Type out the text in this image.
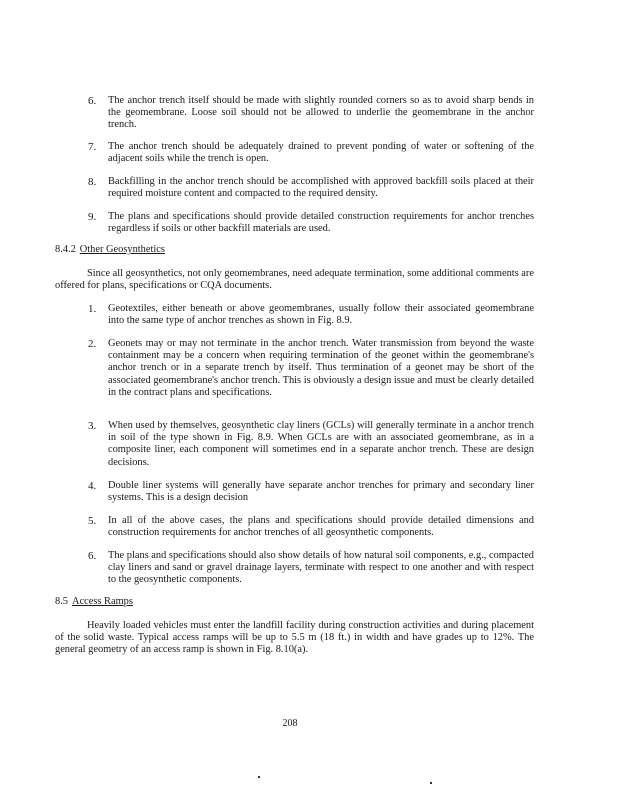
6.	The anchor trench itself should be made with slightly rounded corners so as to avoid sharp bends in the geomembrane. Loose soil should not be allowed to underlie the geomembrane in the anchor trench.
7.	The anchor trench should be adequately drained to prevent ponding of water or softening of the adjacent soils while the trench is open.
8.	Backfilling in the anchor trench should be accomplished with approved backfill soils placed at their required moisture content and compacted to the required density.
9.	The plans and specifications should provide detailed construction requirements for anchor trenches regardless if soils or other backfill materials are used.
8.4.2 Other Geosynthetics
Since all geosynthetics, not only geomembranes, need adequate termination, some additional comments are offered for plans, specifications or CQA documents.
1.	Geotextiles, either beneath or above geomembranes, usually follow their associated geomembrane into the same type of anchor trenches as shown in Fig. 8.9.
2.	Geonets may or may not terminate in the anchor trench. Water transmission from beyond the waste containment may be a concern when requiring termination of the geonet within the geomembrane's anchor trench or in a separate trench by itself. Thus termination of a geonet may be short of the associated geomembrane's anchor trench. This is obviously a design issue and must be clearly detailed in the contract plans and specifications.
3.	When used by themselves, geosynthetic clay liners (GCLs) will generally terminate in a anchor trench in soil of the type shown in Fig. 8.9. When GCLs are with an associated geomembrane, as in a composite liner, each component will sometimes end in a separate anchor trench. These are design decisions.
4.	Double liner systems will generally have separate anchor trenches for primary and secondary liner systems. This is a design decision
5.	In all of the above cases, the plans and specifications should provide detailed dimensions and construction requirements for anchor trenches of all geosynthetic components.
6.	The plans and specifications should also show details of how natural soil components, e.g., compacted clay liners and sand or gravel drainage layers, terminate with respect to one another and with respect to the geosynthetic components.
8.5 Access Ramps
Heavily loaded vehicles must enter the landfill facility during construction activities and during placement of the solid waste. Typical access ramps will be up to 5.5 m (18 ft.) in width and have grades up to 12%. The general geometry of an access ramp is shown in Fig. 8.10(a).
208
